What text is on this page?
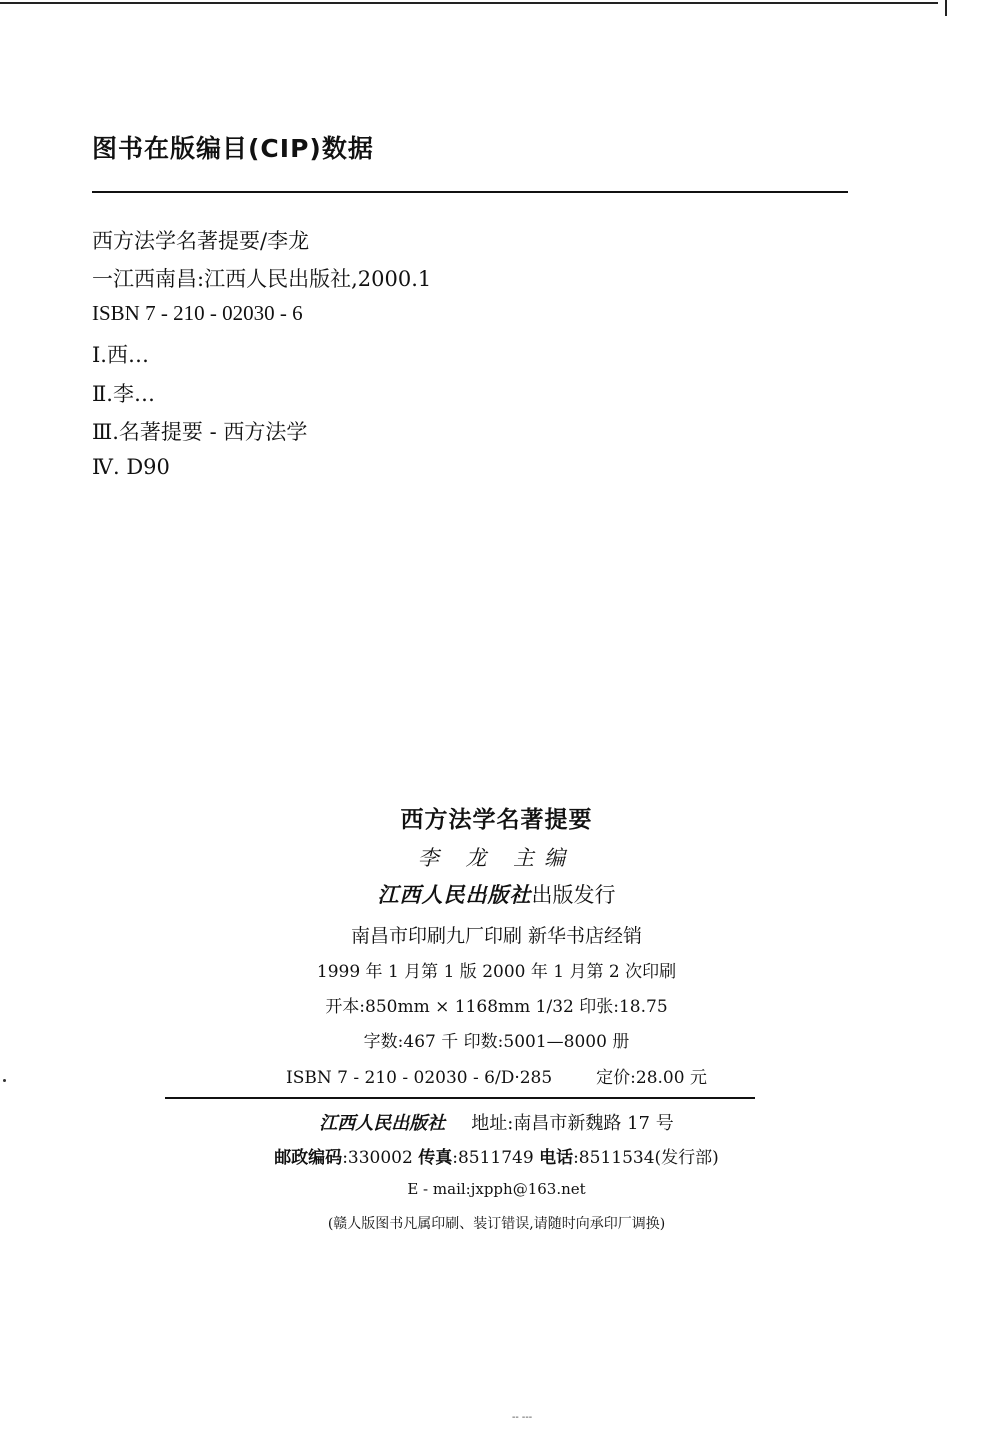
图书在版编目(CIP)数据
西方法学名著提要/李龙
一江西南昌:江西人民出版社,2000.1
ISBN 7 - 210 - 02030 - 6
Ⅰ.西…
Ⅱ.李…
Ⅲ.名著提要 - 西方法学
Ⅳ. D90
西方法学名著提要
李 龙 主编
江西人民出版社出版发行
南昌市印刷九厂印刷 新华书店经销
1999 年 1 月第 1 版 2000 年 1 月第 2 次印刷
开本:850mm × 1168mm 1/32 印张:18.75
字数:467 千 印数:5001—8000 册
ISBN 7 - 210 - 02030 - 6/D·285	定价:28.00 元
江西人民出版社 地址:南昌市新魏路 17 号
邮政编码:330002 传真:8511749 电话:8511534(发行部)
E - mail:jxpph@163.net
(赣人版图书凡属印刷、装订错误,请随时向承印厂调换)
-- ---
